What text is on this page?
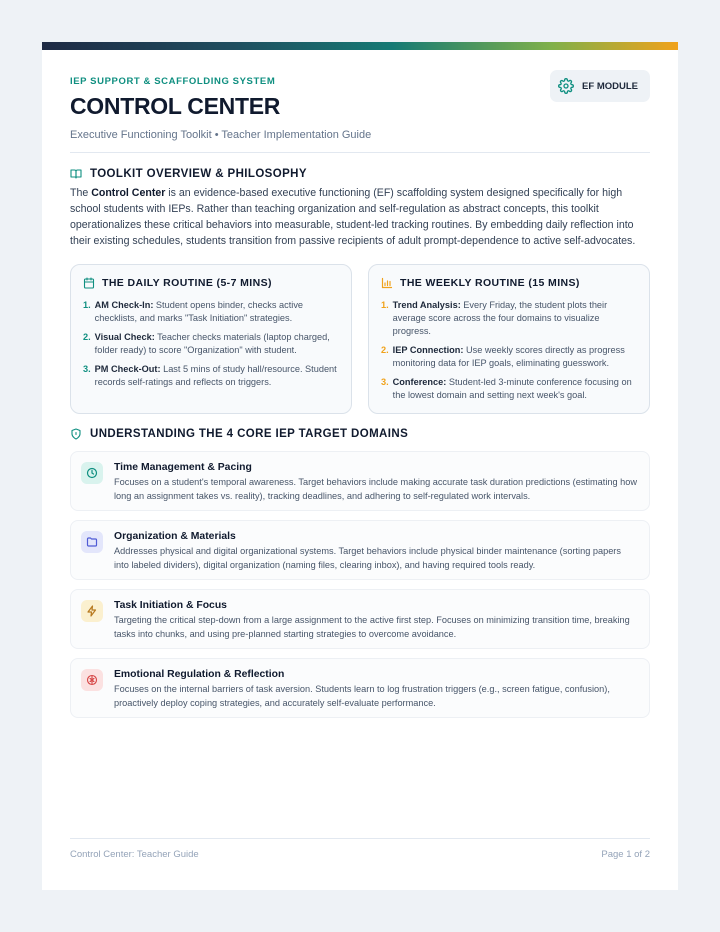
IEP SUPPORT & SCAFFOLDING SYSTEM
CONTROL CENTER
Executive Functioning Toolkit • Teacher Implementation Guide
EF MODULE
TOOLKIT OVERVIEW & PHILOSOPHY

The Control Center is an evidence-based executive functioning (EF) scaffolding system designed specifically for high school students with IEPs. Rather than teaching organization and self-regulation as abstract concepts, this toolkit operationalizes these critical behaviors into measurable, student-led tracking routines. By embedding daily reflection into their existing schedules, students transition from passive recipients of adult prompt-dependence to active self-advocates.

THE DAILY ROUTINE (5-7 MINS)
1. AM Check-In: Student opens binder, checks active checklists, and marks "Task Initiation" strategies.
2. Visual Check: Teacher checks materials (laptop charged, folder ready) to score "Organization" with student.
3. PM Check-Out: Last 5 mins of study hall/resource. Student records self-ratings and reflects on triggers.
THE WEEKLY ROUTINE (15 MINS)
1. Trend Analysis: Every Friday, the student plots their average score across the four domains to visualize progress.
2. IEP Connection: Use weekly scores directly as progress monitoring data for IEP goals, eliminating guesswork.
3. Conference: Student-led 3-minute conference focusing on the lowest domain and setting next week's goal.
UNDERSTANDING THE 4 CORE IEP TARGET DOMAINS
Time Management & Pacing
Focuses on a student's temporal awareness. Target behaviors include making accurate task duration predictions (estimating how long an assignment takes vs. reality), tracking deadlines, and adhering to self-regulated work intervals.
Organization & Materials
Addresses physical and digital organizational systems. Target behaviors include physical binder maintenance (sorting papers into labeled dividers), digital organization (naming files, clearing inbox), and having required tools ready.
Task Initiation & Focus
Targeting the critical step-down from a large assignment to the active first step. Focuses on minimizing transition time, breaking tasks into chunks, and using pre-planned starting strategies to overcome avoidance.
Emotional Regulation & Reflection
Focuses on the internal barriers of task aversion. Students learn to log frustration triggers (e.g., screen fatigue, confusion), proactively deploy coping strategies, and accurately self-evaluate performance.
Control Center: Teacher Guide	Page 1 of 2
